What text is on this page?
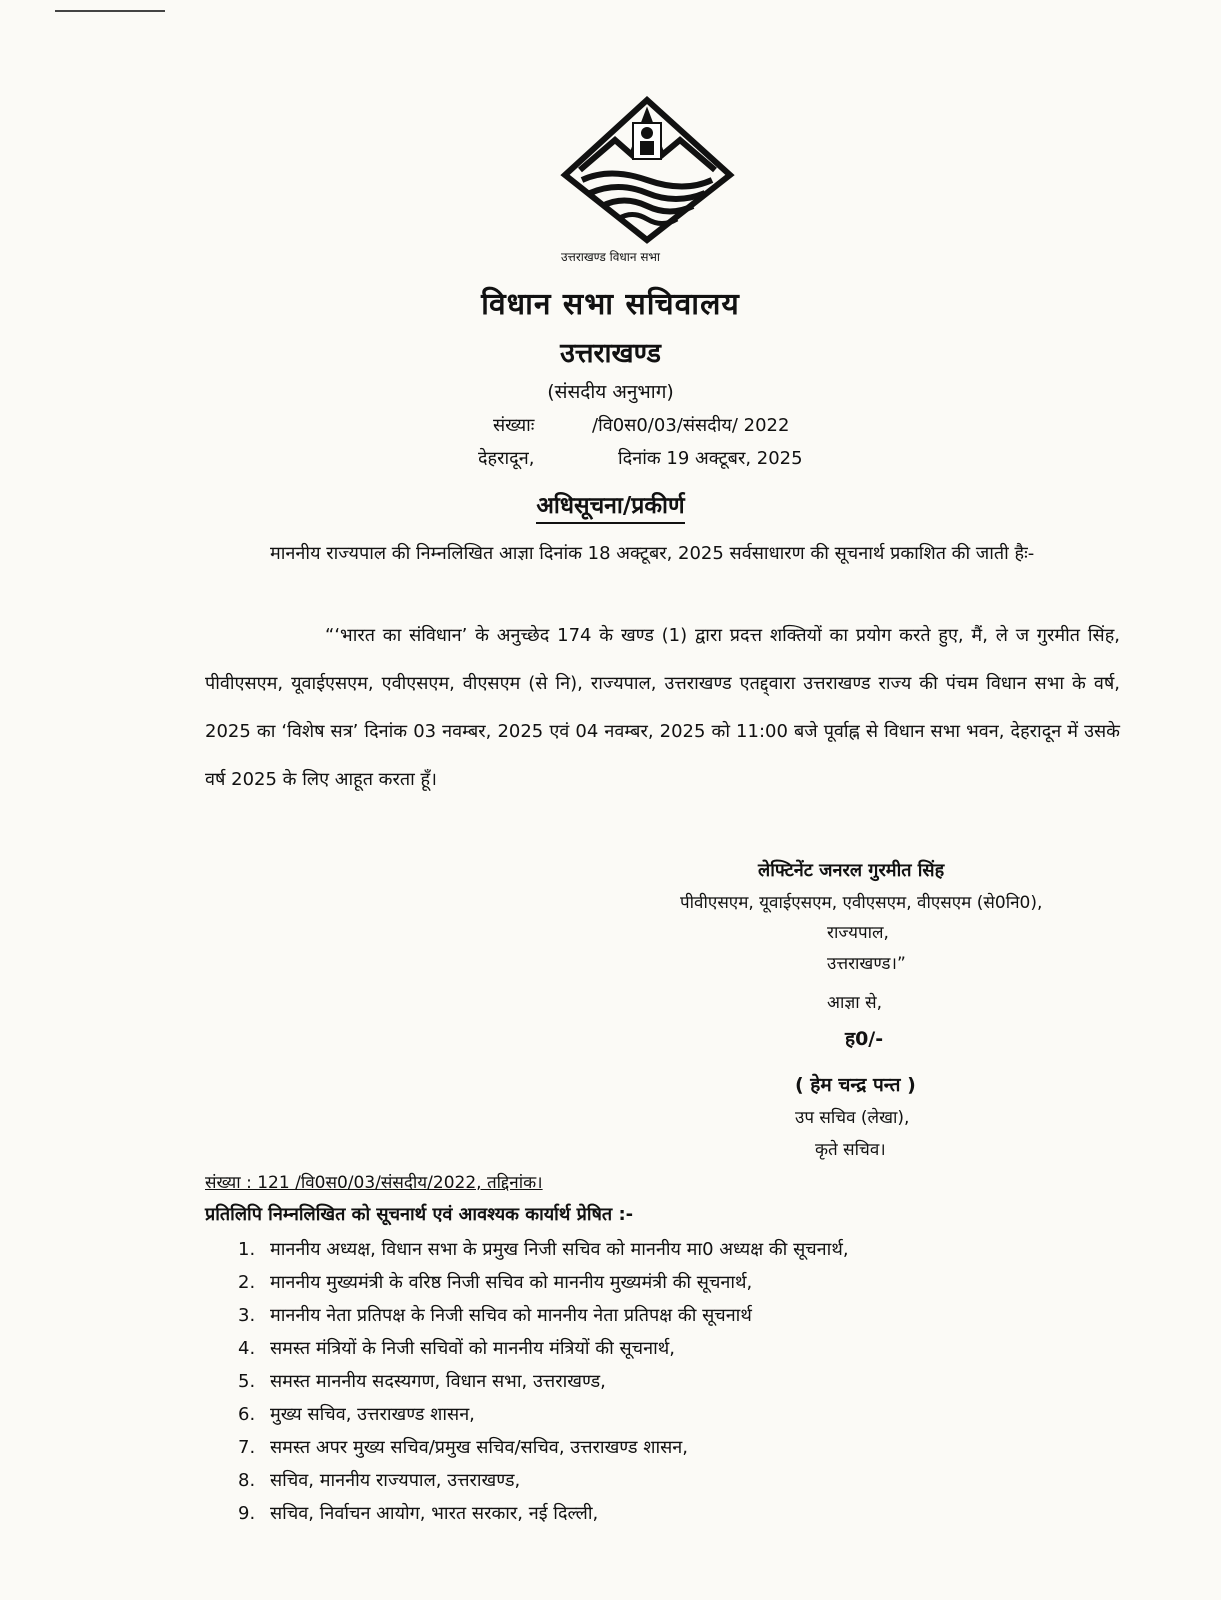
उत्तराखण्ड विधान सभा
विधान सभा सचिवालय
उत्तराखण्ड
(संसदीय अनुभाग)
संख्याः	/वि0स0/03/संसदीय/ 2022
देहरादून,	दिनांक 19 अक्टूबर, 2025
अधिसूचना/प्रकीर्ण

माननीय राज्यपाल की निम्नलिखित आज्ञा दिनांक 18 अक्टूबर, 2025 सर्वसाधारण की सूचनार्थ प्रकाशित की जाती हैः-

“‘भारत का संविधान’ के अनुच्छेद 174 के खण्ड (1) द्वारा प्रदत्त शक्तियों का प्रयोग करते हुए, मैं, ले ज गुरमीत सिंह, पीवीएसएम, यूवाईएसएम, एवीएसएम, वीएसएम (से नि), राज्यपाल, उत्तराखण्ड एतद्द्वारा उत्तराखण्ड राज्य की पंचम विधान सभा के वर्ष, 2025 का ‘विशेष सत्र’ दिनांक 03 नवम्बर, 2025 एवं 04 नवम्बर, 2025 को 11:00 बजे पूर्वाह्न से विधान सभा भवन, देहरादून में उसके वर्ष 2025 के लिए आहूत करता हूँ।

लेफ्टिनेंट जनरल गुरमीत सिंह
पीवीएसएम, यूवाईएसएम, एवीएसएम, वीएसएम (से0नि0),
राज्यपाल,
उत्तराखण्ड।”
आज्ञा से,
ह0/-
( हेम चन्द्र पन्त )
उप सचिव (लेखा),
कृते सचिव।
संख्या : 121 /वि0स0/03/संसदीय/2022, तद्दिनांक।
प्रतिलिपि निम्नलिखित को सूचनार्थ एवं आवश्यक कार्यार्थ प्रेषित :-
1. माननीय अध्यक्ष, विधान सभा के प्रमुख निजी सचिव को माननीय मा0 अध्यक्ष की सूचनार्थ,
2. माननीय मुख्यमंत्री के वरिष्ठ निजी सचिव को माननीय मुख्यमंत्री की सूचनार्थ,
3. माननीय नेता प्रतिपक्ष के निजी सचिव को माननीय नेता प्रतिपक्ष की सूचनार्थ
4. समस्त मंत्रियों के निजी सचिवों को माननीय मंत्रियों की सूचनार्थ,
5. समस्त माननीय सदस्यगण, विधान सभा, उत्तराखण्ड,
6. मुख्य सचिव, उत्तराखण्ड शासन,
7. समस्त अपर मुख्य सचिव/प्रमुख सचिव/सचिव, उत्तराखण्ड शासन,
8. सचिव, माननीय राज्यपाल, उत्तराखण्ड,
9. सचिव, निर्वाचन आयोग, भारत सरकार, नई दिल्ली,
